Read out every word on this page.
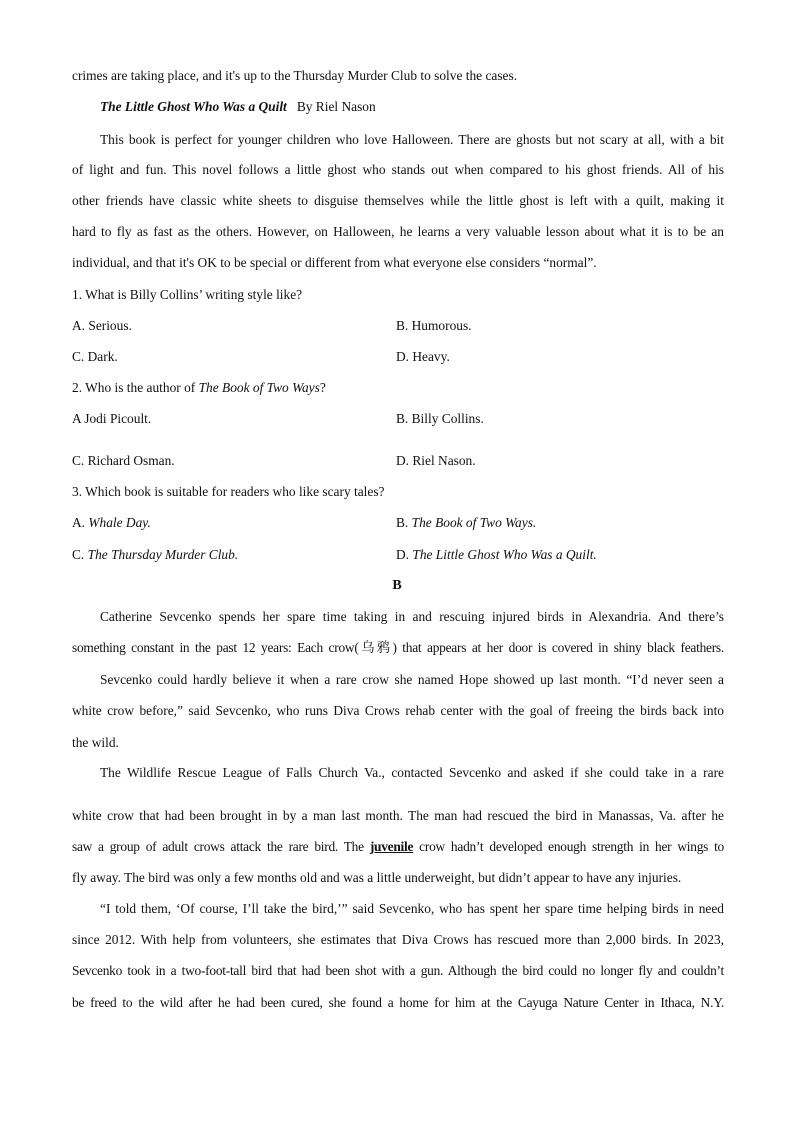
crimes are taking place, and it's up to the Thursday Murder Club to solve the cases.
The Little Ghost Who Was a Quilt By Riel Nason
This book is perfect for younger children who love Halloween. There are ghosts but not scary at all, with a bit
other friends have classic white sheets to disguise themselves while the little ghost is left with a quilt, making it
of light and fun. This novel follows a little ghost who stands out when compared to his ghost friends. All of his
hard to fly as fast as the others. However, on Halloween, he learns a very valuable lesson about what it is to be an
individual, and that it's OK to be special or different from what everyone else considers “normal”.
1. What is Billy Collins’ writing style like?
A. Serious.	B. Humorous.
C. Dark.	D. Heavy.
2. Who is the author of The Book of Two Ways?
A Jodi Picoult.	B. Billy Collins.
C. Richard Osman.	D. Riel Nason.
3. Which book is suitable for readers who like scary tales?
A. Whale Day.	B. The Book of Two Ways.
C. The Thursday Murder Club.	D. The Little Ghost Who Was a Quilt.
B
Catherine Sevcenko spends her spare time taking in and rescuing injured birds in Alexandria. And there’s
something constant in the past 12 years: Each crow(乌鸦) that appears at her door is covered in shiny black feathers.
Sevcenko could hardly believe it when a rare crow she named Hope showed up last month. “I’d never seen a
white crow before,” said Sevcenko, who runs Diva Crows rehab center with the goal of freeing the birds back into
the wild.
The Wildlife Rescue League of Falls Church Va., contacted Sevcenko and asked if she could take in a rare
white crow that had been brought in by a man last month. The man had rescued the bird in Manassas, Va. after he
saw a group of adult crows attack the rare bird. The juvenile crow hadn’t developed enough strength in her wings to
fly away. The bird was only a few months old and was a little underweight, but didn’t appear to have any injuries.
“I told them, ‘Of course, I’ll take the bird,’” said Sevcenko, who has spent her spare time helping birds in need
since 2012. With help from volunteers, she estimates that Diva Crows has rescued more than 2,000 birds. In 2023,
Sevcenko took in a two-foot-tall bird that had been shot with a gun. Although the bird could no longer fly and couldn’t
be freed to the wild after he had been cured, she found a home for him at the Cayuga Nature Center in Ithaca, N.Y.
